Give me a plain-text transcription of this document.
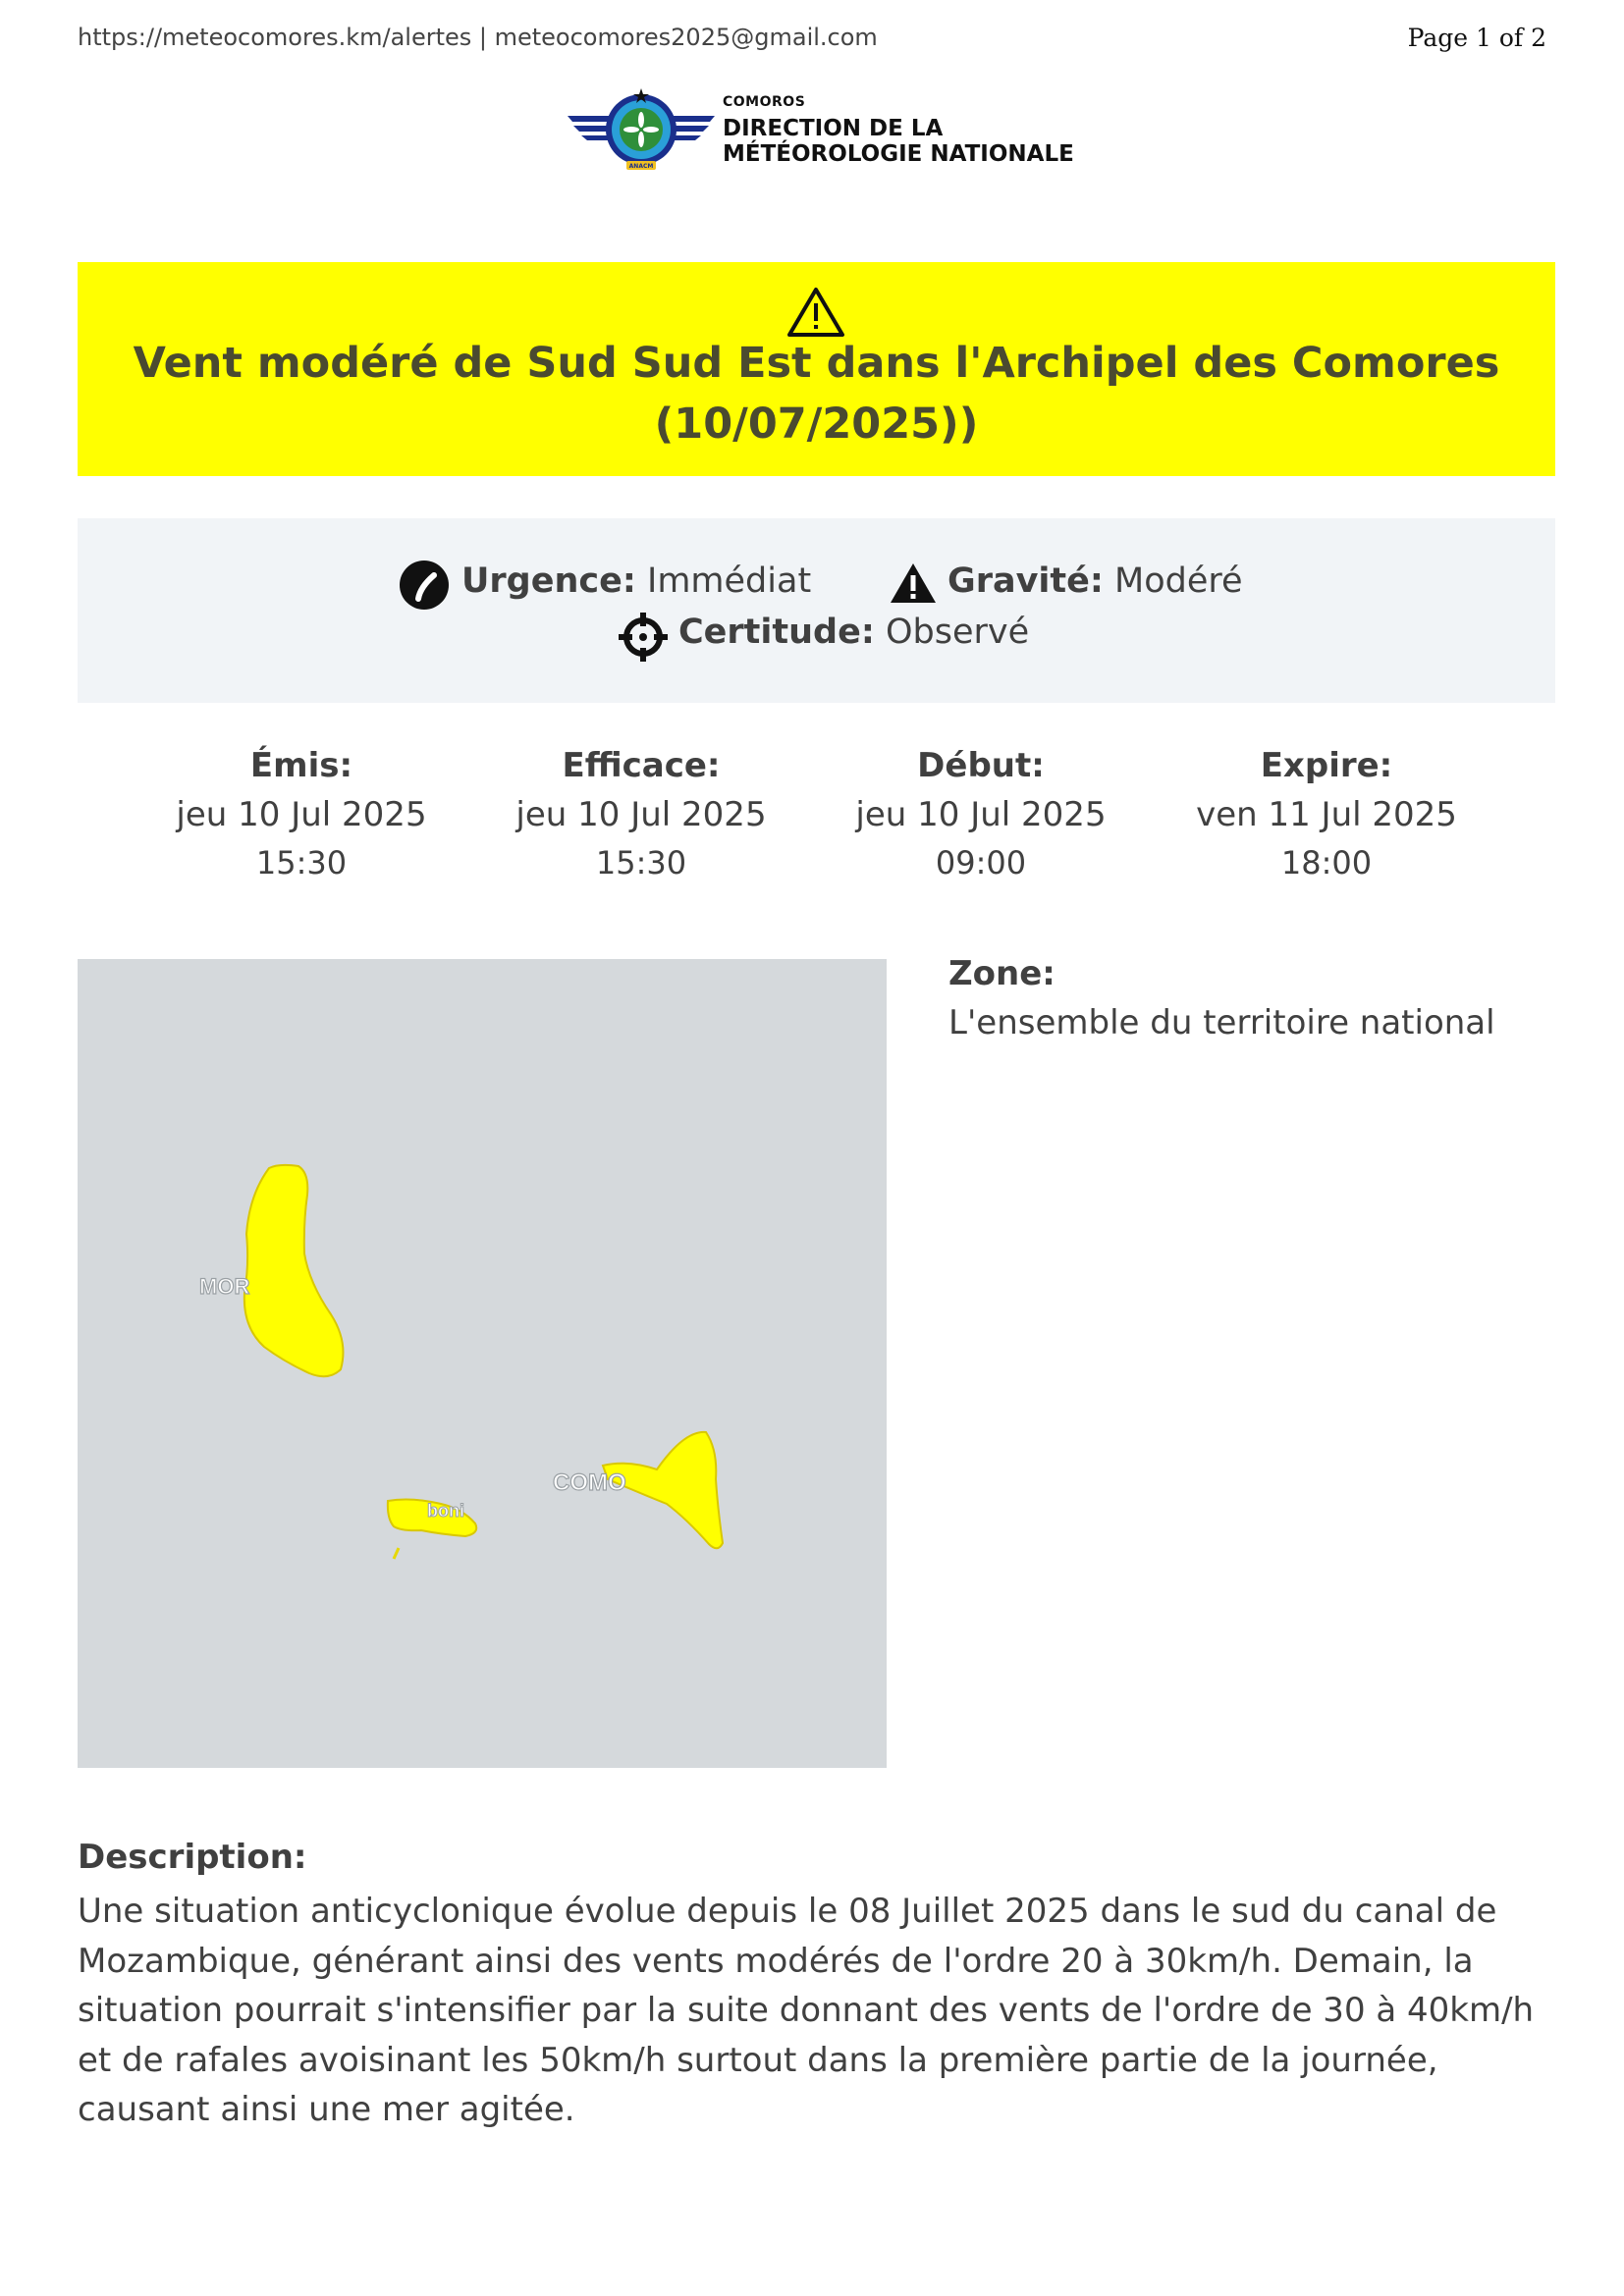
https://meteocomores.km/alertes | meteocomores2025@gmail.com	Page 1 of 2
ANACM
COMOROS
DIRECTION DE LA
MÉTÉOROLOGIE NATIONALE
Vent modéré de Sud Sud Est dans l'Archipel des Comores (10/07/2025))
Urgence: Immédiat	Gravité: Modéré
Certitude: Observé
Émis:
jeu 10 Jul 2025
15:30
Efficace:
jeu 10 Jul 2025
15:30
Début:
jeu 10 Jul 2025
09:00
Expire:
ven 11 Jul 2025
18:00
MOR
boni
COMO
Zone:
L'ensemble du territoire national
Description:
Une situation anticyclonique évolue depuis le 08 Juillet 2025 dans le sud du canal de Mozambique, générant ainsi des vents modérés de l'ordre 20 à 30km/h. Demain, la situation pourrait s'intensifier par la suite donnant des vents de l'ordre de 30 à 40km/h et de rafales avoisinant les 50km/h surtout dans la première partie de la journée, causant ainsi une mer agitée.
